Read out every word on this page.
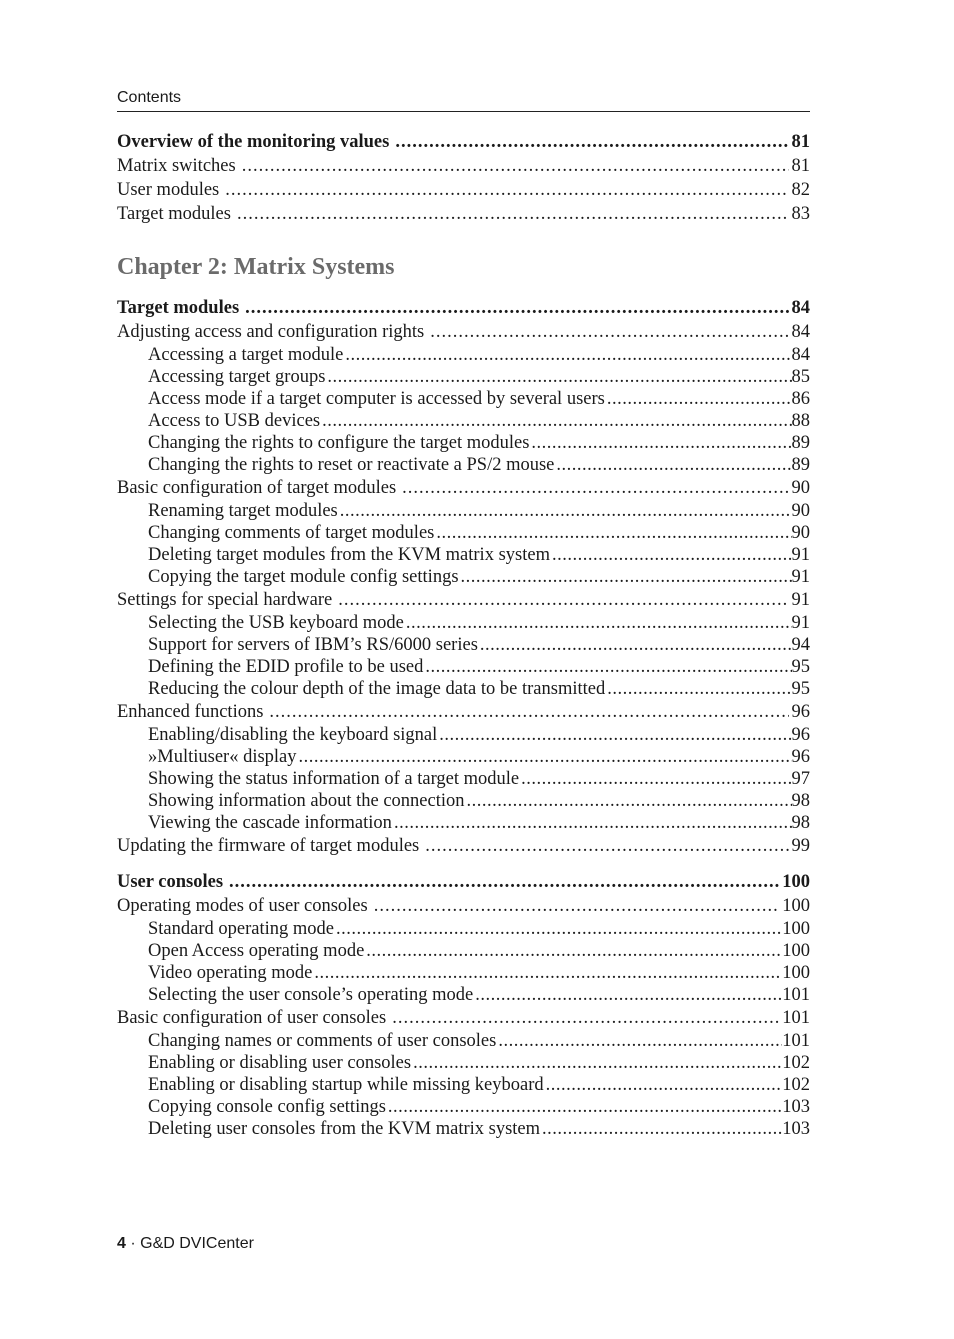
Contents
Overview of the monitoring values .....	81
Matrix switches .....	81
User modules .....	82
Target modules .....	83
Chapter 2: Matrix Systems
Target modules .....	84
Adjusting access and configuration rights .....	84
Accessing a target module .....	84
Accessing target groups .....	85
Access mode if a target computer is accessed by several users .....	86
Access to USB devices .....	88
Changing the rights to configure the target modules .....	89
Changing the rights to reset or reactivate a PS/2 mouse .....	89
Basic configuration of target modules .....	90
Renaming target modules .....	90
Changing comments of target modules .....	90
Deleting target modules from the KVM matrix system .....	91
Copying the target module config settings .....	91
Settings for special hardware .....	91
Selecting the USB keyboard mode .....	91
Support for servers of IBM’s RS/6000 series .....	94
Defining the EDID profile to be used .....	95
Reducing the colour depth of the image data to be transmitted .....	95
Enhanced functions .....	96
Enabling/disabling the keyboard signal .....	96
»Multiuser« display .....	96
Showing the status information of a target module .....	97
Showing information about the connection .....	98
Viewing the cascade information .....	98
Updating the firmware of target modules .....	99
User consoles .....	100
Operating modes of user consoles .....	100
Standard operating mode .....	100
Open Access operating mode .....	100
Video operating mode .....	100
Selecting the user console’s operating mode .....	101
Basic configuration of user consoles .....	101
Changing names or comments of user consoles .....	101
Enabling or disabling user consoles .....	102
Enabling or disabling startup while missing keyboard .....	102
Copying console config settings .....	103
Deleting user consoles from the KVM matrix system .....	103
4 · G&D DVICenter
